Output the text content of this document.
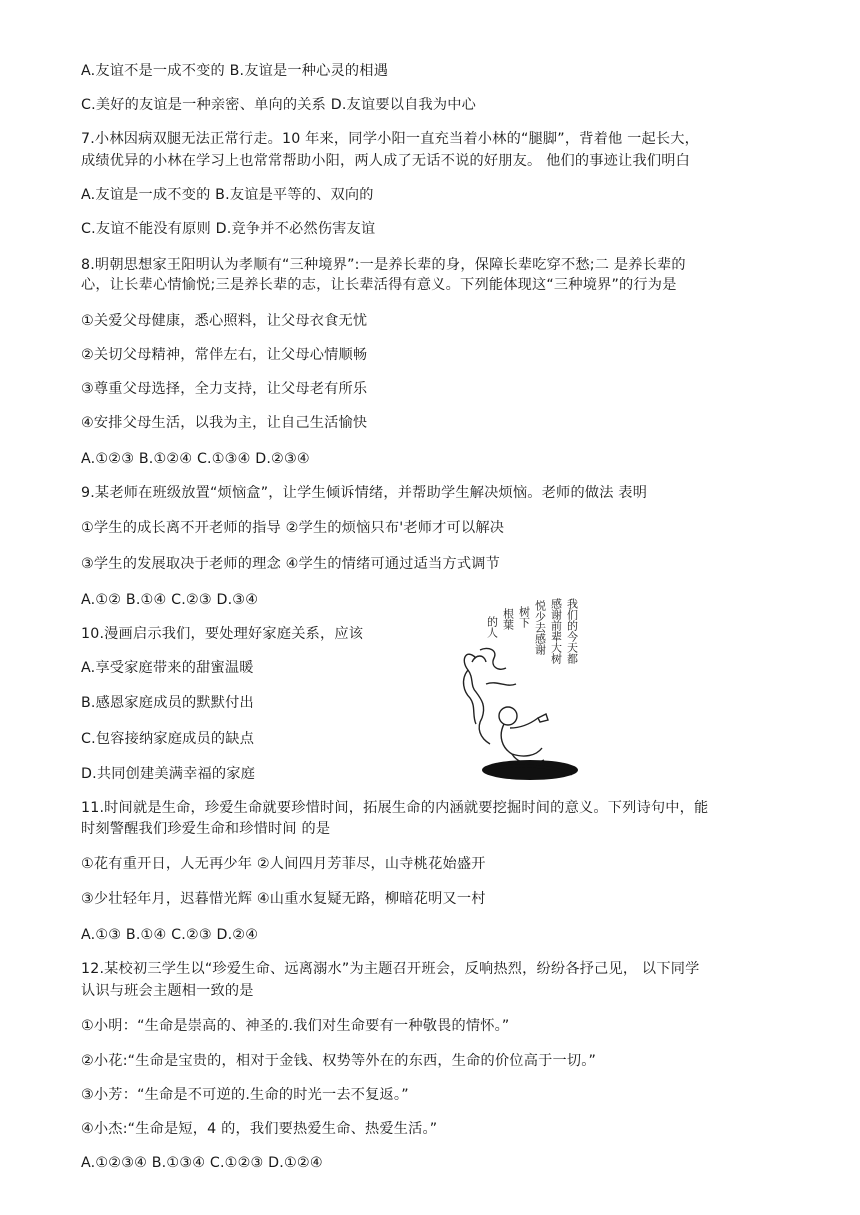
A.友谊不是一成不变的 B.友谊是一种心灵的相遇
C.美好的友谊是一种亲密、单向的关系 D.友谊要以自我为中心
7.小林因病双腿无法正常行走。10 年来，同学小阳一直充当着小林的“腿脚”，背着他 一起长大，
成绩优异的小林在学习上也常常帮助小阳，两人成了无话不说的好朋友。 他们的事迹让我们明白
A.友谊是一成不变的 B.友谊是平等的、双向的
C.友谊不能没有原则 D.竞争并不必然伤害友谊
8.明朝思想家王阳明认为孝顺有“三种境界”:一是养长辈的身，保障长辈吃穿不愁;二 是养长辈的
心，让长辈心情愉悦;三是养长辈的志，让长辈活得有意义。下列能体现这“三种境界”的行为是
①关爱父母健康，悉心照料，让父母衣食无忧
②关切父母精神，常伴左右，让父母心情顺畅
③尊重父母选择，全力支持，让父母老有所乐
④安排父母生活，以我为主，让自己生活愉快
A.①②③ B.①②④ C.①③④ D.②③④
9.某老师在班级放置“烦恼盒”，让学生倾诉情绪，并帮助学生解决烦恼。老师的做法 表明
①学生的成长离不开老师的指导 ②学生的烦恼只布'老师才可以解决
③学生的发展取决于老师的理念 ④学生的情绪可通过适当方式调节
A.①② B.①④ C.②③ D.③④
10.漫画启示我们，要处理好家庭关系，应该
A.享受家庭带来的甜蜜温暖
B.感恩家庭成员的默默付出
C.包容接纳家庭成员的缺点
D.共同创建美满幸福的家庭
11.时间就是生命，珍爱生命就要珍惜时间，拓展生命的内涵就要挖掘时间的意义。下列诗句中，能
时刻警醒我们珍爱生命和珍惜时间 的是
①花有重开日，人无再少年 ②人间四月芳菲尽，山寺桃花始盛开
③少壮轻年月，迟暮惜光辉 ④山重水复疑无路，柳暗花明又一村
A.①③ B.①④ C.②③ D.②④
12.某校初三学生以“珍爱生命、远离溺水”为主题召开班会，反响热烈，纷纷各抒己见， 以下同学
认识与班会主题相一致的是
①小明：“生命是崇高的、神圣的.我们对生命要有一种敬畏的情怀。”
②小花:“生命是宝贵的，相对于金钱、权势等外在的东西，生命的价位高于一切。”
③小芳：“生命是不可逆的.生命的时光一去不复返。”
④小杰:“生命是短，4 的，我们要热爱生命、热爱生活。”
A.①②③④ B.①③④ C.①②③ D.①②④
我们的今天都
感谢前辈大树
悦少去感谢
树下
根葉
的人
